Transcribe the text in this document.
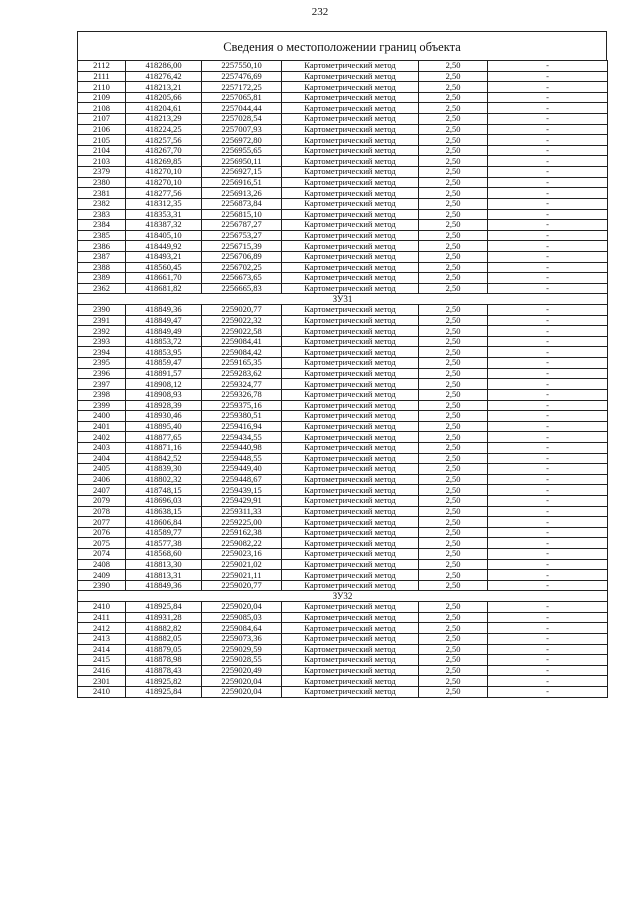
232
Сведения о местоположении границ объекта
2112	418286,00	2257550,10	Картометрический метод	2,50	-
2111	418276,42	2257476,69	Картометрический метод	2,50	-
2110	418213,21	2257172,25	Картометрический метод	2,50	-
2109	418205,66	2257065,81	Картометрический метод	2,50	-
2108	418204,61	2257044,44	Картометрический метод	2,50	-
2107	418213,29	2257028,54	Картометрический метод	2,50	-
2106	418224,25	2257007,93	Картометрический метод	2,50	-
2105	418257,56	2256972,80	Картометрический метод	2,50	-
2104	418267,70	2256955,65	Картометрический метод	2,50	-
2103	418269,85	2256950,11	Картометрический метод	2,50	-
2379	418270,10	2256927,15	Картометрический метод	2,50	-
2380	418270,10	2256916,51	Картометрический метод	2,50	-
2381	418277,56	2256913,26	Картометрический метод	2,50	-
2382	418312,35	2256873,84	Картометрический метод	2,50	-
2383	418353,31	2256815,10	Картометрический метод	2,50	-
2384	418387,32	2256787,27	Картометрический метод	2,50	-
2385	418405,10	2256753,27	Картометрический метод	2,50	-
2386	418449,92	2256715,39	Картометрический метод	2,50	-
2387	418493,21	2256706,89	Картометрический метод	2,50	-
2388	418560,45	2256702,25	Картометрический метод	2,50	-
2389	418661,70	2256673,65	Картометрический метод	2,50	-
2362	418681,82	2256665,83	Картометрический метод	2,50	-
ЗУ31					
2390	418849,36	2259020,77	Картометрический метод	2,50	-
2391	418849,47	2259022,32	Картометрический метод	2,50	-
2392	418849,49	2259022,58	Картометрический метод	2,50	-
2393	418853,72	2259084,41	Картометрический метод	2,50	-
2394	418853,95	2259084,42	Картометрический метод	2,50	-
2395	418859,47	2259165,35	Картометрический метод	2,50	-
2396	418891,57	2259283,62	Картометрический метод	2,50	-
2397	418908,12	2259324,77	Картометрический метод	2,50	-
2398	418908,93	2259326,78	Картометрический метод	2,50	-
2399	418928,39	2259375,16	Картометрический метод	2,50	-
2400	418930,46	2259380,51	Картометрический метод	2,50	-
2401	418895,40	2259416,94	Картометрический метод	2,50	-
2402	418877,65	2259434,55	Картометрический метод	2,50	-
2403	418871,16	2259440,98	Картометрический метод	2,50	-
2404	418842,52	2259448,55	Картометрический метод	2,50	-
2405	418839,30	2259449,40	Картометрический метод	2,50	-
2406	418802,32	2259448,67	Картометрический метод	2,50	-
2407	418748,15	2259439,15	Картометрический метод	2,50	-
2079	418696,03	2259429,91	Картометрический метод	2,50	-
2078	418638,15	2259311,33	Картометрический метод	2,50	-
2077	418606,84	2259225,00	Картометрический метод	2,50	-
2076	418589,77	2259162,38	Картометрический метод	2,50	-
2075	418577,38	2259082,22	Картометрический метод	2,50	-
2074	418568,60	2259023,16	Картометрический метод	2,50	-
2408	418813,30	2259021,02	Картометрический метод	2,50	-
2409	418813,31	2259021,11	Картометрический метод	2,50	-
2390	418849,36	2259020,77	Картометрический метод	2,50	-
ЗУ32					
2410	418925,84	2259020,04	Картометрический метод	2,50	-
2411	418931,28	2259085,03	Картометрический метод	2,50	-
2412	418882,82	2259084,64	Картометрический метод	2,50	-
2413	418882,05	2259073,36	Картометрический метод	2,50	-
2414	418879,05	2259029,59	Картометрический метод	2,50	-
2415	418878,98	2259028,55	Картометрический метод	2,50	-
2416	418878,43	2259020,49	Картометрический метод	2,50	-
2301	418925,82	2259020,04	Картометрический метод	2,50	-
2410	418925,84	2259020,04	Картометрический метод	2,50	-
